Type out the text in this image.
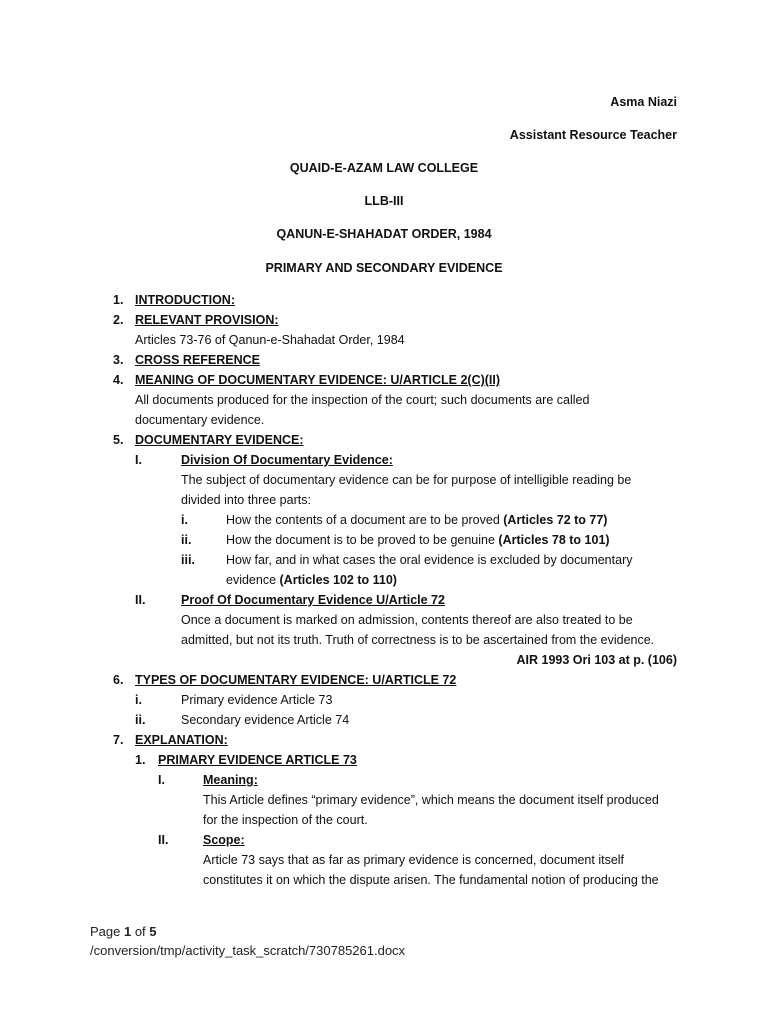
Asma Niazi
Assistant Resource Teacher
QUAID-E-AZAM LAW COLLEGE
LLB-III
QANUN-E-SHAHADAT ORDER, 1984
PRIMARY AND SECONDARY EVIDENCE
1. INTRODUCTION:
2. RELEVANT PROVISION:
Articles 73-76 of Qanun-e-Shahadat Order, 1984
3. CROSS REFERENCE
4. MEANING OF DOCUMENTARY EVIDENCE: U/ARTICLE 2(C)(II)
All documents produced for the inspection of the court; such documents are called
documentary evidence.
5. DOCUMENTARY EVIDENCE:
I.	Division Of Documentary Evidence:
The subject of documentary evidence can be for purpose of intelligible reading be
divided into three parts:
i.	How the contents of a document are to be proved (Articles 72 to 77)
ii.	How the document is to be proved to be genuine (Articles 78 to 101)
iii. How far, and in what cases the oral evidence is excluded by documentary
evidence (Articles 102 to 110)
II.	Proof Of Documentary Evidence U/Article 72
Once a document is marked on admission, contents thereof are also treated to be
admitted, but not its truth. Truth of correctness is to be ascertained from the evidence.
AIR 1993 Ori 103 at p. (106)
6. TYPES OF DOCUMENTARY EVIDENCE: U/ARTICLE 72
i.	Primary evidence Article 73
ii.	Secondary evidence Article 74
7. EXPLANATION:
1. PRIMARY EVIDENCE ARTICLE 73
I.	Meaning:
This Article defines “primary evidence”, which means the document itself produced
for the inspection of the court.
II.	Scope:
Article 73 says that as far as primary evidence is concerned, document itself
constitutes it on which the dispute arisen. The fundamental notion of producing the
Page 1 of 5
/conversion/tmp/activity_task_scratch/730785261.docx
